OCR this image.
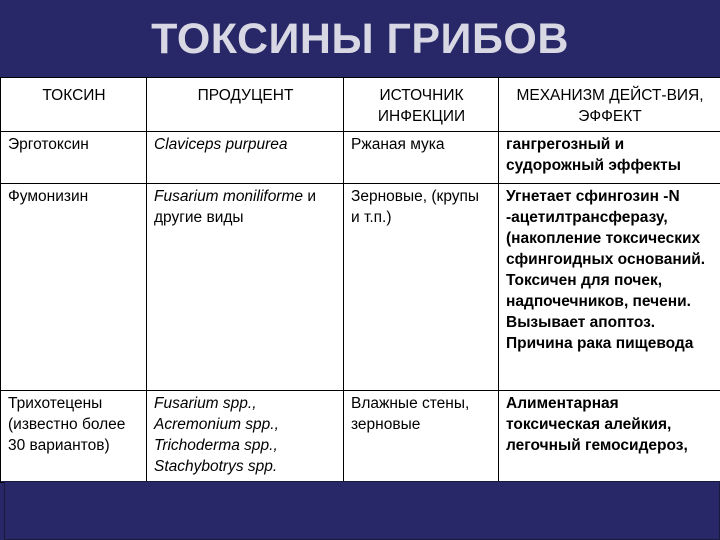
ТОКСИНЫ ГРИБОВ
ТОКСИН	ПРОДУЦЕНТ	ИСТОЧНИК ИНФЕКЦИИ	МЕХАНИЗМ ДЕЙСТ-ВИЯ, ЭФФЕКТ
Эрготоксин	Claviceps purpurea	Ржаная мука	гангрегозный и судорожный эффекты
Фумонизин	Fusarium moniliforme и другие виды	Зерновые, (крупы и т.п.)	Угнетает сфингозин -N -ацетилтрансферазу, (накопление токсических сфингоидных оснований. Токсичен для почек, надпочечников, печени. Вызывает апоптоз. Причина рака пищевода
Трихотецены (известно более 30 вариантов)	Fusarium spp., Acremonium spp., Trichoderma spp., Stachybotrys spp.	Влажные стены, зерновые	Алиментарная токсическая алейкия, легочный гемосидероз,
